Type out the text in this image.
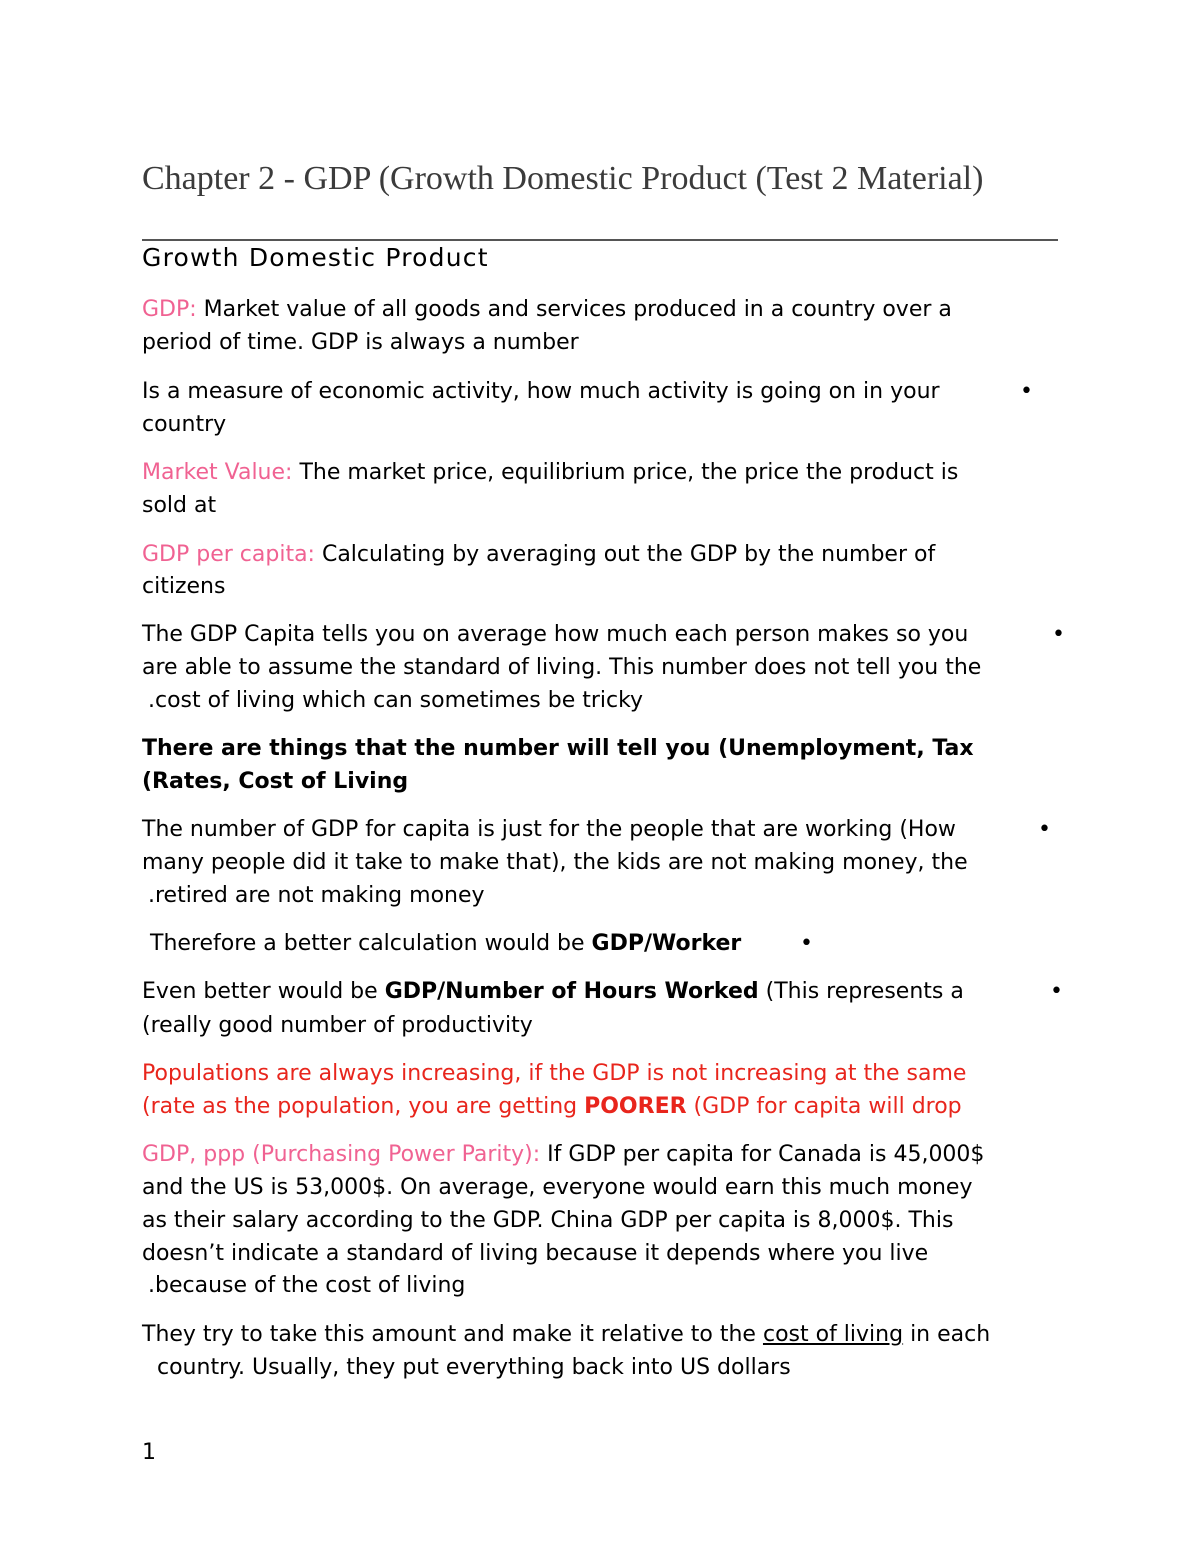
Chapter 2 - GDP (Growth Domestic Product (Test 2 Material)
Growth Domestic Product
GDP: Market value of all goods and services produced in a country over a
period of time. GDP is always a number
Is a measure of economic activity, how much activity is going on in your	•
country
Market Value: The market price, equilibrium price, the price the product is
sold at
GDP per capita: Calculating by averaging out the GDP by the number of
citizens
The GDP Capita tells you on average how much each person makes so you	•
are able to assume the standard of living. This number does not tell you the
.cost of living which can sometimes be tricky
There are things that the number will tell you (Unemployment, Tax
(Rates, Cost of Living
The number of GDP for capita is just for the people that are working (How	•
many people did it take to make that), the kids are not making money, the
.retired are not making money
Therefore a better calculation would be GDP/Worker	•
Even better would be GDP/Number of Hours Worked (This represents a	•
(really good number of productivity
Populations are always increasing, if the GDP is not increasing at the same
(rate as the population, you are getting POORER (GDP for capita will drop
GDP, ppp (Purchasing Power Parity): If GDP per capita for Canada is 45,000$
and the US is 53,000$. On average, everyone would earn this much money
as their salary according to the GDP. China GDP per capita is 8,000$. This
doesn’t indicate a standard of living because it depends where you live
.because of the cost of living
They try to take this amount and make it relative to the cost of living in each
country. Usually, they put everything back into US dollars
1
